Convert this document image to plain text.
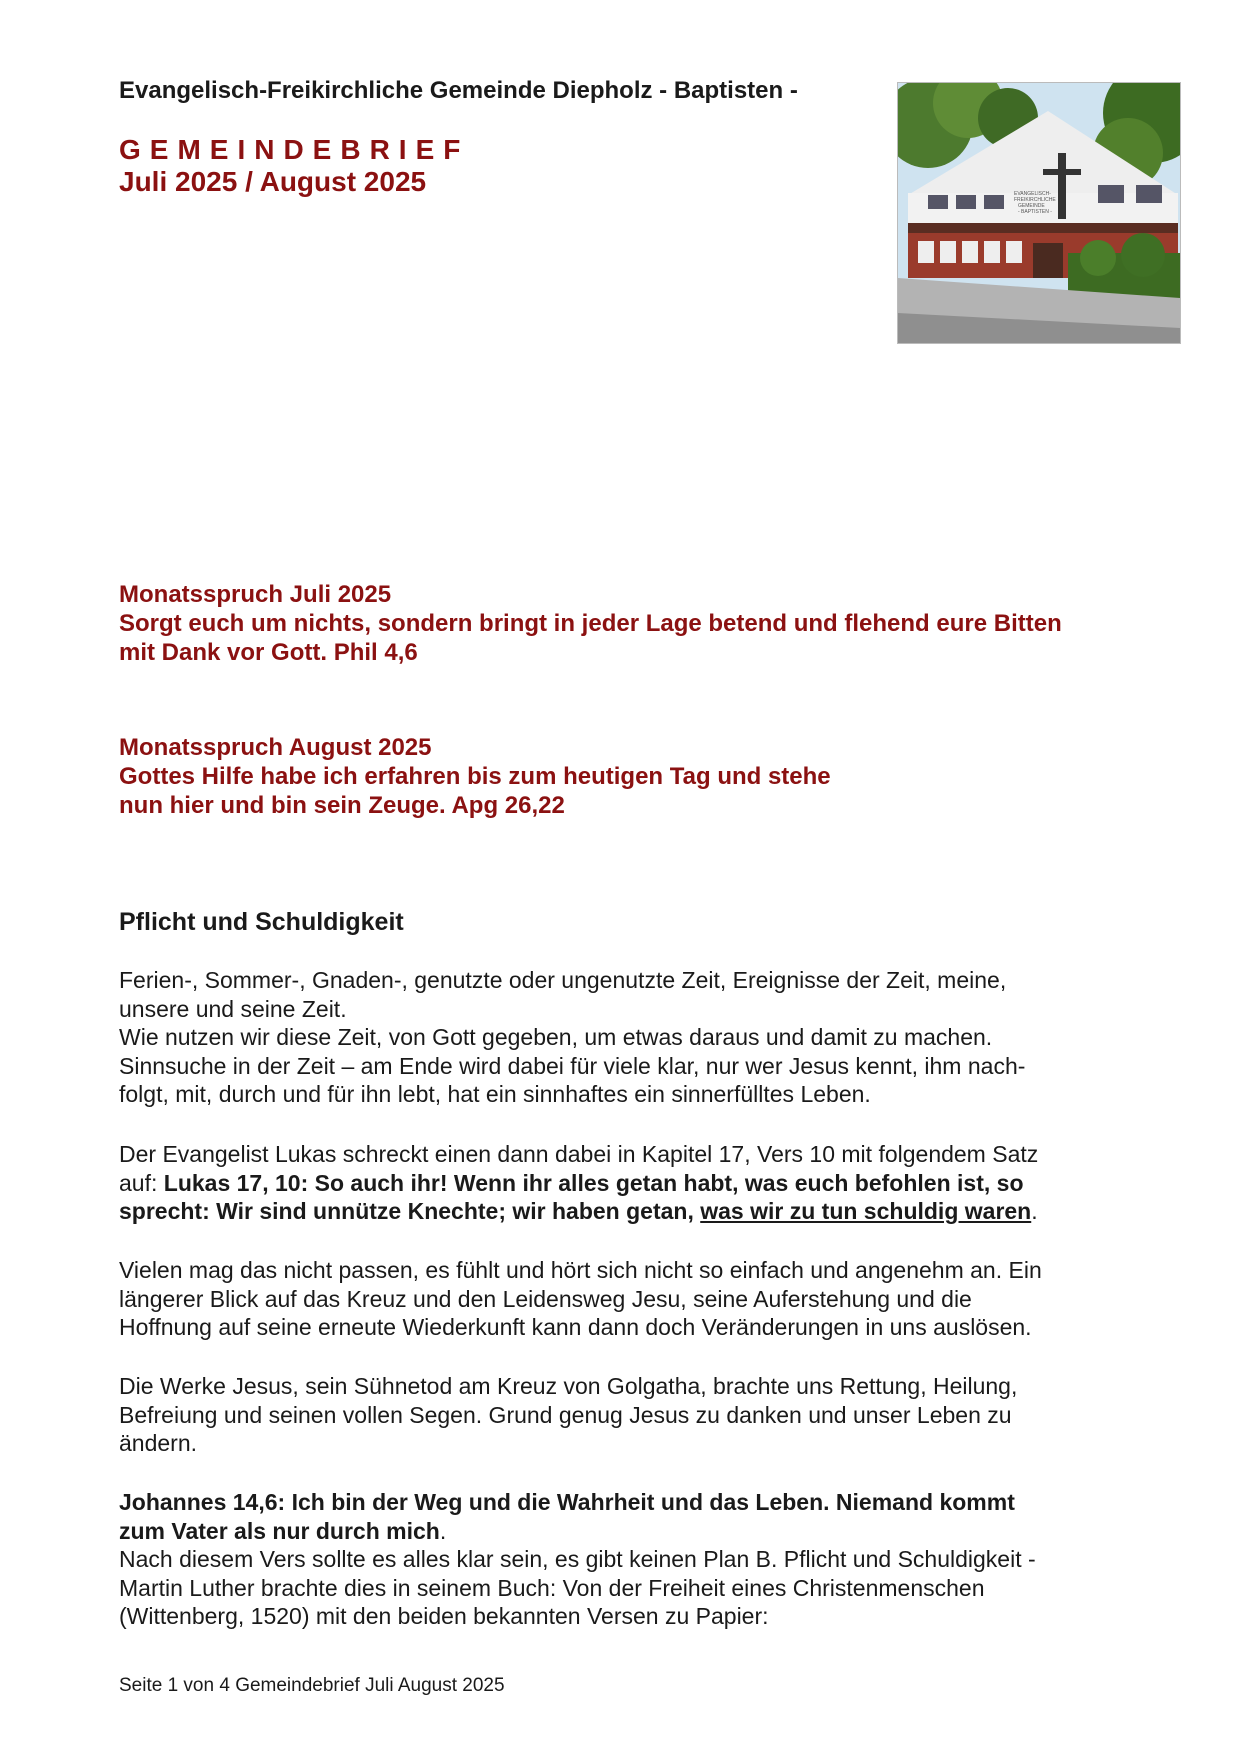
Evangelisch-Freikirchliche Gemeinde Diepholz - Baptisten -
GEMEINDEBRIEF
Juli 2025 / August 2025	EVANGELISCH-
FREIKIRCHLICHE
GEMEINDE
- BAPTISTEN -

Monatsspruch Juli 2025

Sorgt euch um nichts, sondern bringt in jeder Lage betend und flehend eure Bitten

mit Dank vor Gott. Phil 4,6

Monatsspruch August 2025

Gottes Hilfe habe ich erfahren bis zum heutigen Tag und stehe

nun hier und bin sein Zeuge. Apg 26,22

Pflicht und Schuldigkeit

Ferien-, Sommer-, Gnaden-, genutzte oder ungenutzte Zeit, Ereignisse der Zeit, meine,

unsere und seine Zeit.

Wie nutzen wir diese Zeit, von Gott gegeben, um etwas daraus und damit zu machen.

Sinnsuche in der Zeit – am Ende wird dabei für viele klar, nur wer Jesus kennt, ihm nach-

folgt, mit, durch und für ihn lebt, hat ein sinnhaftes ein sinnerfülltes Leben.

Der Evangelist Lukas schreckt einen dann dabei in Kapitel 17, Vers 10 mit folgendem Satz

auf: Lukas 17, 10: So auch ihr! Wenn ihr alles getan habt, was euch befohlen ist, so

sprecht: Wir sind unnütze Knechte; wir haben getan, was wir zu tun schuldig waren.

Vielen mag das nicht passen, es fühlt und hört sich nicht so einfach und angenehm an. Ein

längerer Blick auf das Kreuz und den Leidensweg Jesu, seine Auferstehung und die

Hoffnung auf seine erneute Wiederkunft kann dann doch Veränderungen in uns auslösen.

Die Werke Jesus, sein Sühnetod am Kreuz von Golgatha, brachte uns Rettung, Heilung,

Befreiung und seinen vollen Segen. Grund genug Jesus zu danken und unser Leben zu

ändern.

Johannes 14,6: Ich bin der Weg und die Wahrheit und das Leben. Niemand kommt

zum Vater als nur durch mich.

Nach diesem Vers sollte es alles klar sein, es gibt keinen Plan B. Pflicht und Schuldigkeit -

Martin Luther brachte dies in seinem Buch: Von der Freiheit eines Christenmenschen

(Wittenberg, 1520) mit den beiden bekannten Versen zu Papier:

Seite 1 von 4 Gemeindebrief Juli August 2025
